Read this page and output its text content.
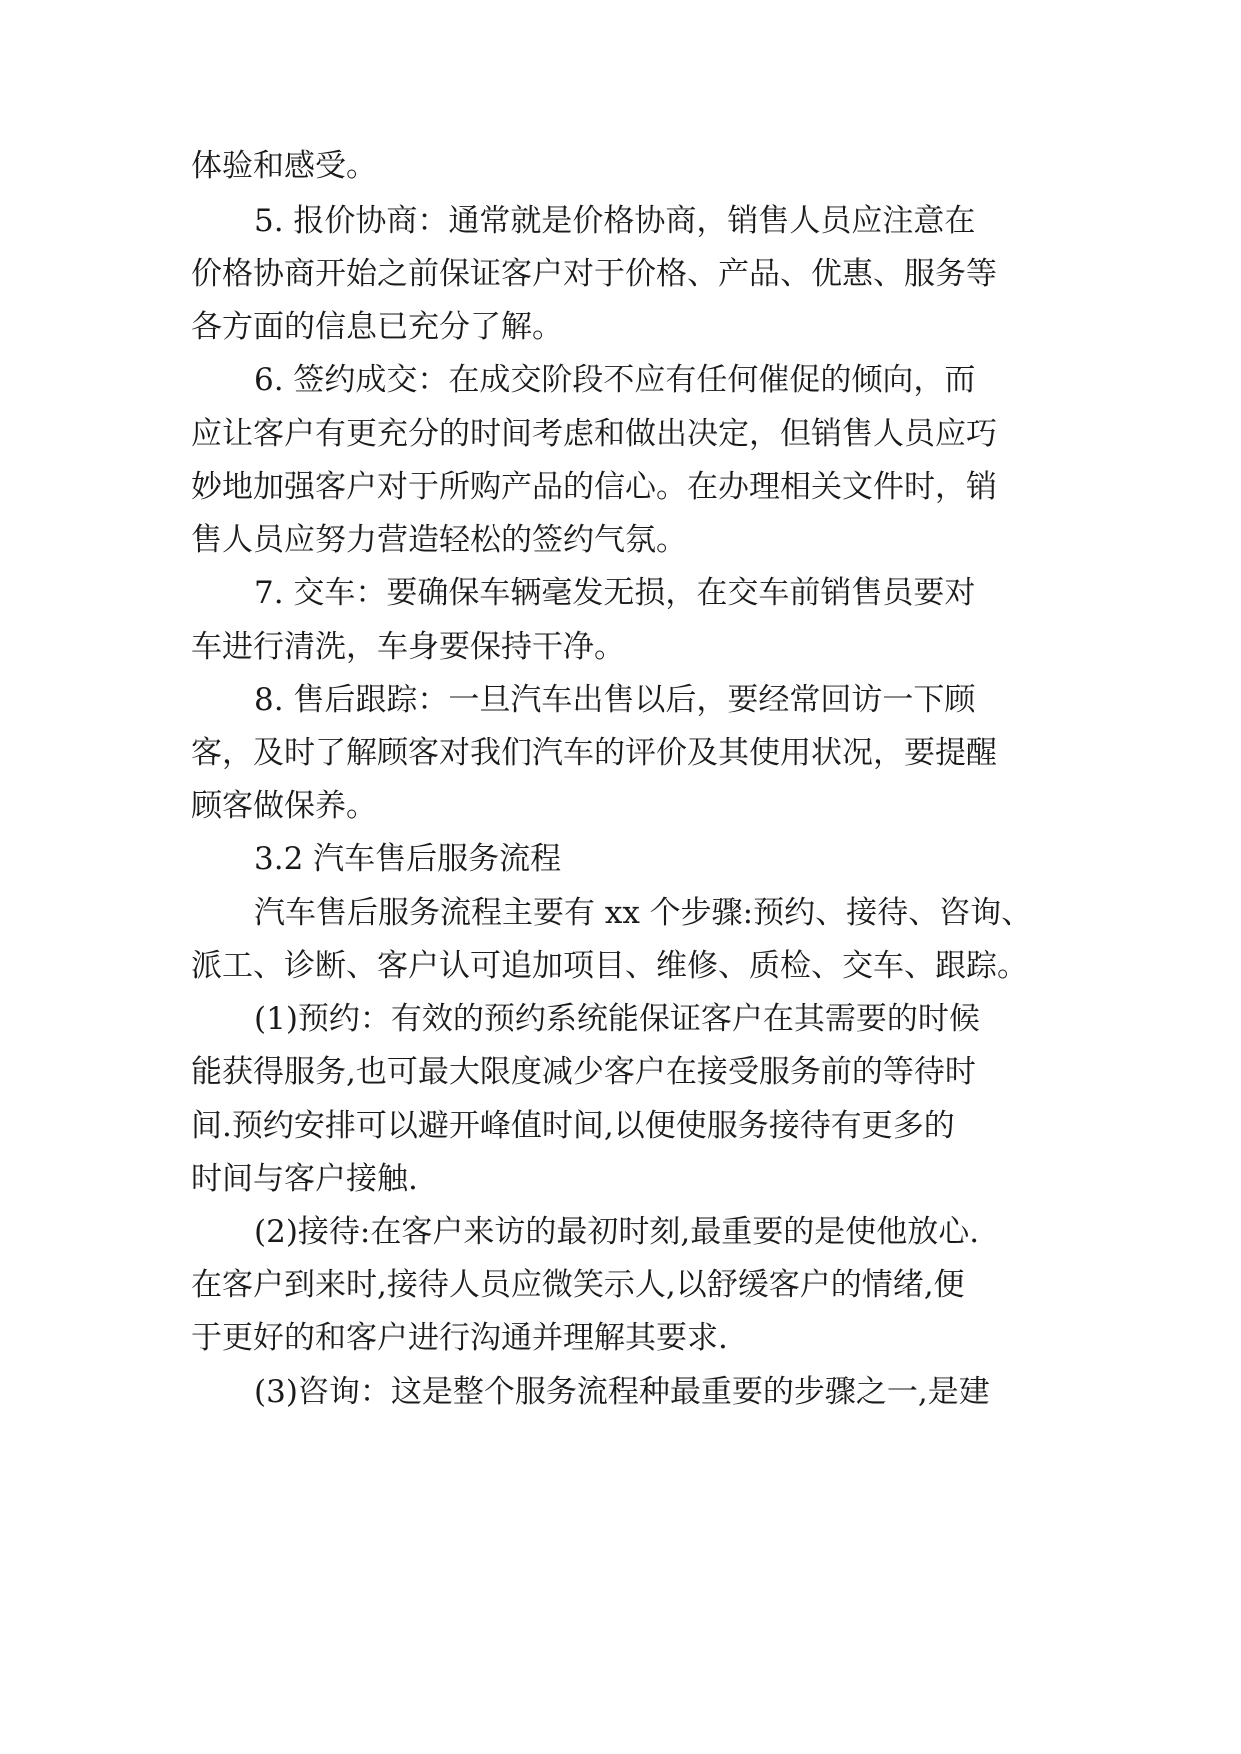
体验和感受。
5. 报价协商：通常就是价格协商，销售人员应注意在
价格协商开始之前保证客户对于价格、产品、优惠、服务等
各方面的信息已充分了解。
6. 签约成交：在成交阶段不应有任何催促的倾向，而
应让客户有更充分的时间考虑和做出决定，但销售人员应巧
妙地加强客户对于所购产品的信心。在办理相关文件时，销
售人员应努力营造轻松的签约气氛。
7. 交车：要确保车辆毫发无损，在交车前销售员要对
车进行清洗，车身要保持干净。
8. 售后跟踪：一旦汽车出售以后，要经常回访一下顾
客，及时了解顾客对我们汽车的评价及其使用状况，要提醒
顾客做保养。
3.2 汽车售后服务流程
汽车售后服务流程主要有 xx 个步骤:预约、接待、咨询、
派工、诊断、客户认可追加项目、维修、质检、交车、跟踪。
(1)预约：有效的预约系统能保证客户在其需要的时候
能获得服务,也可最大限度减少客户在接受服务前的等待时
间.预约安排可以避开峰值时间,以便使服务接待有更多的
时间与客户接触.
(2)接待:在客户来访的最初时刻,最重要的是使他放心.
在客户到来时,接待人员应微笑示人,以舒缓客户的情绪,便
于更好的和客户进行沟通并理解其要求.
(3)咨询：这是整个服务流程种最重要的步骤之一,是建
